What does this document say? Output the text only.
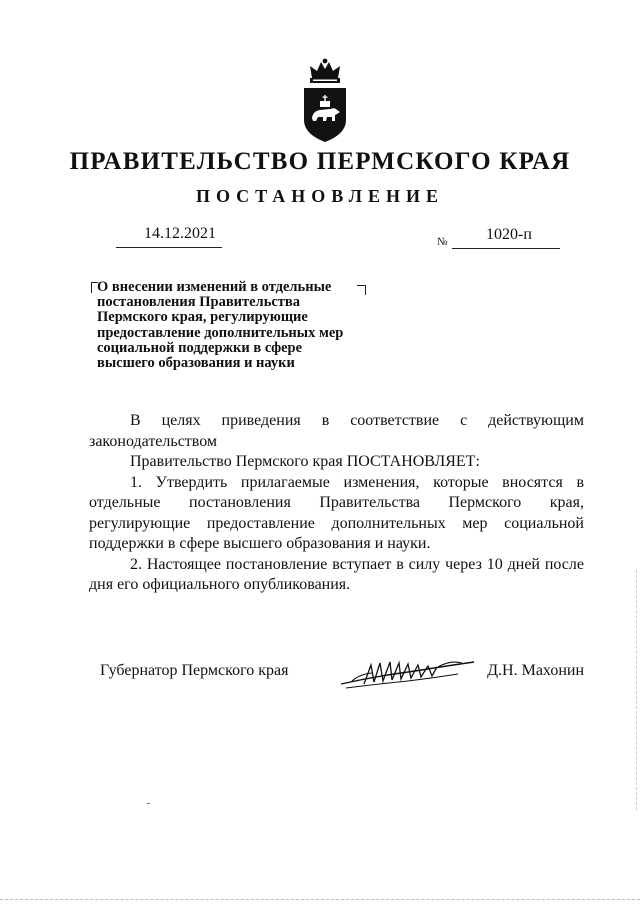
ПРАВИТЕЛЬСТВО ПЕРМСКОГО КРАЯ
ПОСТАНОВЛЕНИЕ
14.12.2021	№ 1020-п
О внесении изменений в отдельные
постановления Правительства
Пермского края, регулирующие
предоставление дополнительных мер
социальной поддержки в сфере
высшего образования и науки

В целях приведения в соответствие с действующим законодательством

Правительство Пермского края ПОСТАНОВЛЯЕТ:

1. Утвердить прилагаемые изменения, которые вносятся в отдельные постановления Правительства Пермского края, регулирующие предоставление дополнительных мер социальной поддержки в сфере высшего образования и науки.

2. Настоящее постановление вступает в силу через 10 дней после дня его официального опубликования.

Губернатор Пермского края	Д.Н. Махонин
